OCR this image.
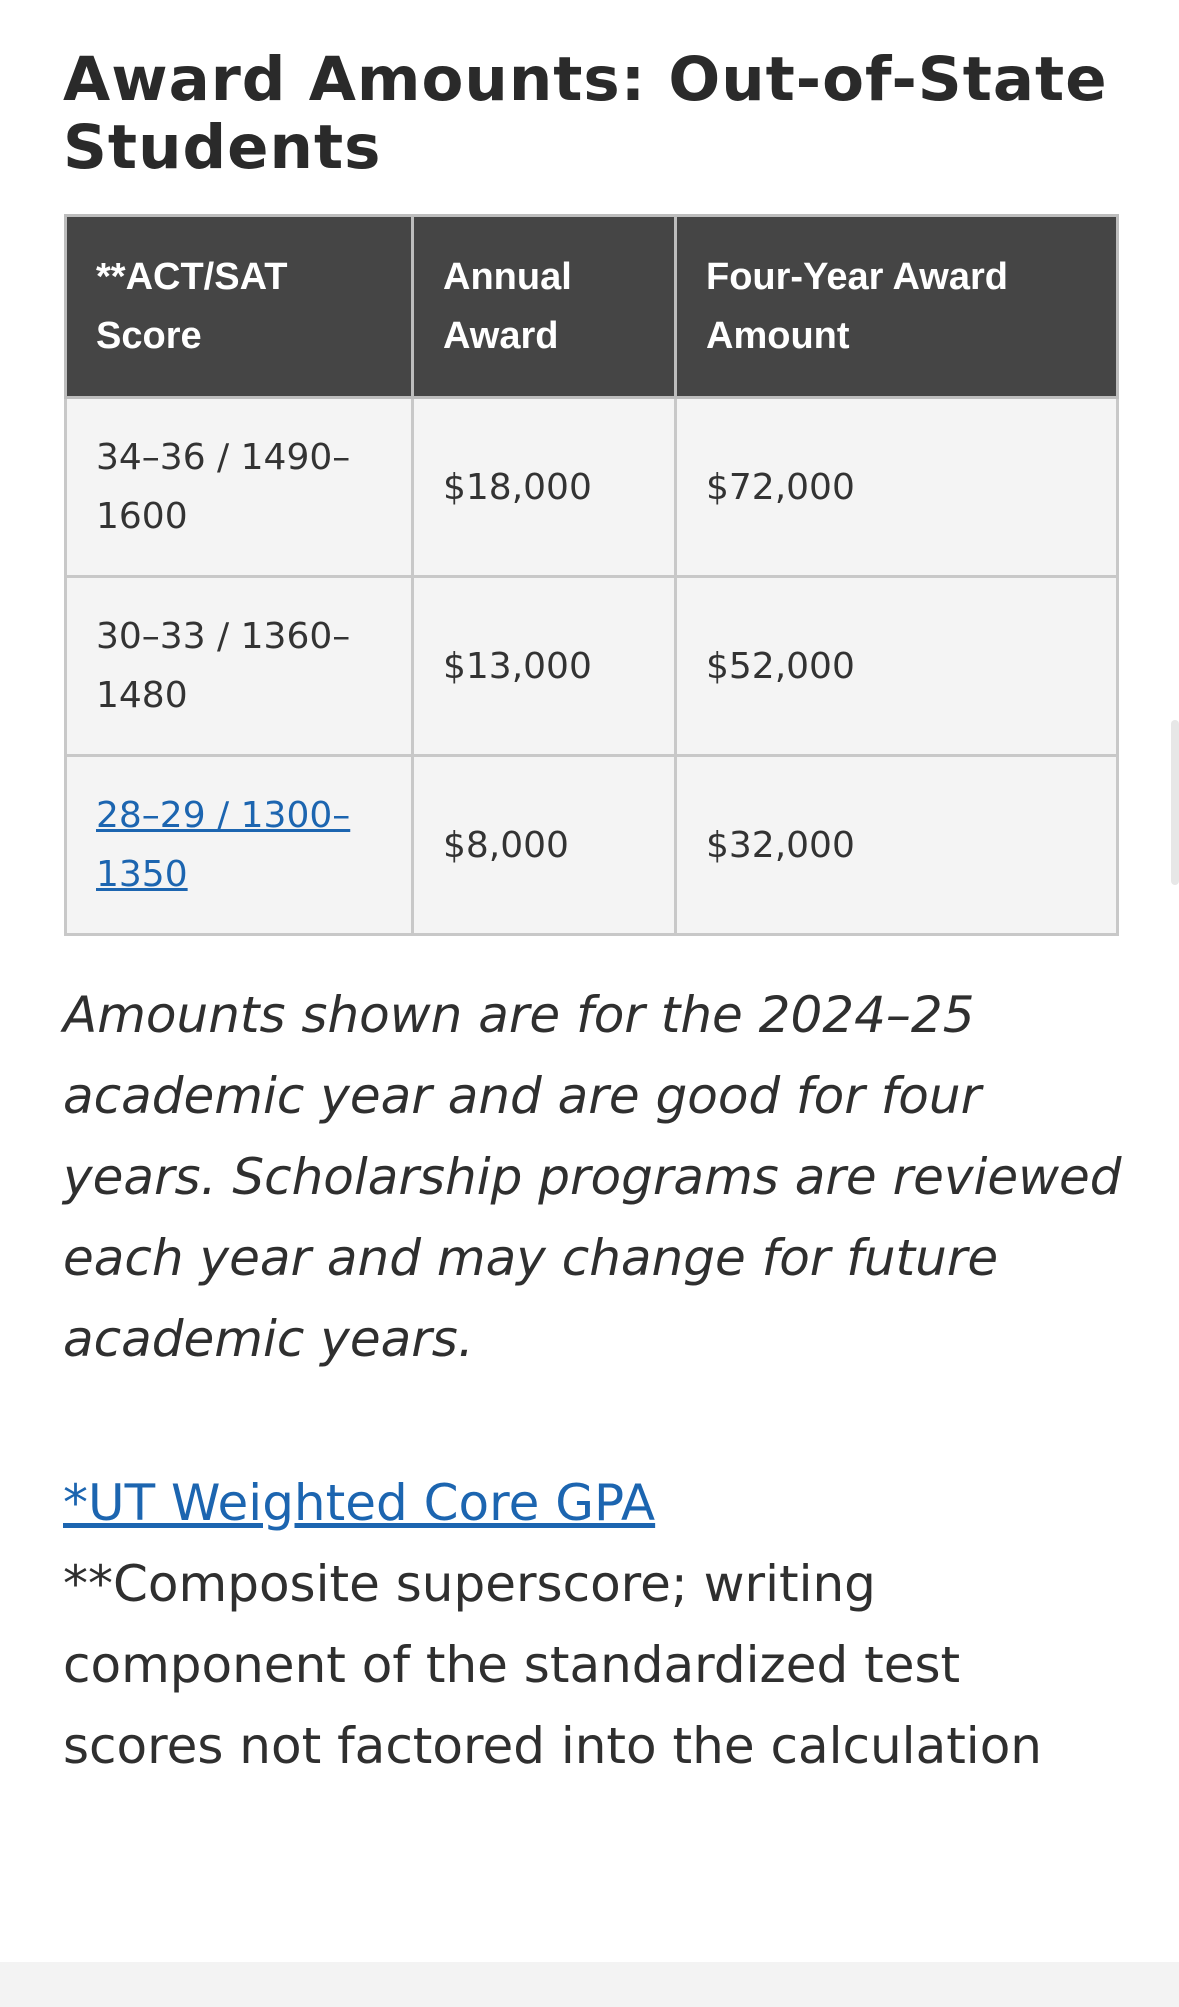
Award Amounts: Out-of-State Students
**ACT/SAT Score	Annual Award	Four-Year Award Amount
34–36 / 1490–1600	$18,000	$72,000
30–33 / 1360–1480	$13,000	$52,000
28–29 / 1300–1350	$8,000	$32,000

Amounts shown are for the 2024–25 academic year and are good for four years. Scholarship programs are reviewed each year and may change for future academic years.

*UT Weighted Core GPA
**Composite superscore; writing component of the standardized test scores not factored into the calculation
